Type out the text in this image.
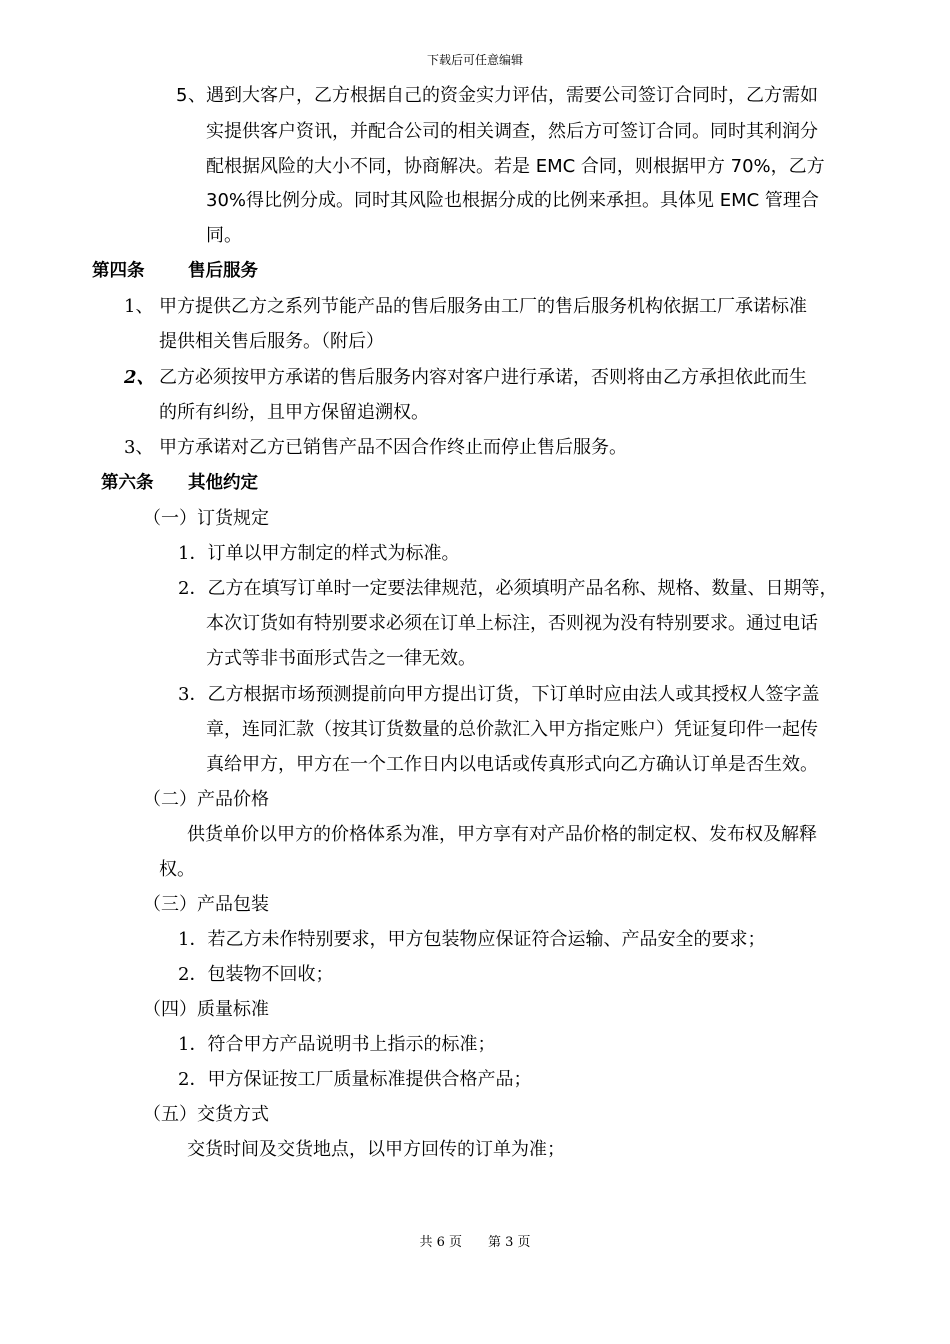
下载后可任意编辑
5 、遇到大客户，乙方根据自己的资金实力评估，需要公司签订合同时，乙方需如
实提供客户资讯，并配合公司的相关调查，然后方可签订合同。同时其利润分
配根据风险的大小不同，协商解决。若是 EMC 合同，则根据甲方 70%，乙方
30%得比例分成。同时其风险也根据分成的比例来承担。具体见 EMC 管理合
同。
第四条 售后服务
1、 甲方提供乙方之系列节能产品的售后服务由工厂的售后服务机构依据工厂承诺标准
提供相关售后服务。（附后）
2、 乙方必须按甲方承诺的售后服务内容对客户进行承诺，否则将由乙方承担依此而生
的所有纠纷，且甲方保留追溯权。
3、 甲方承诺对乙方已销售产品不因合作终止而停止售后服务。
第六条 其他约定
（一）订货规定
1．订单以甲方制定的样式为标准。
2．乙方在填写订单时一定要法律规范，必须填明产品名称、规格、数量、日期等，
本次订货如有特别要求必须在订单上标注，否则视为没有特别要求。通过电话
方式等非书面形式告之一律无效。
3．乙方根据市场预测提前向甲方提出订货，下订单时应由法人或其授权人签字盖
章，连同汇款（按其订货数量的总价款汇入甲方指定账户）凭证复印件一起传
真给甲方，甲方在一个工作日内以电话或传真形式向乙方确认订单是否生效。
（二）产品价格
供货单价以甲方的价格体系为准，甲方享有对产品价格的制定权、发布权及解释
权。
（三）产品包装
1．若乙方未作特别要求，甲方包装物应保证符合运输、产品安全的要求；
2．包装物不回收；
（四）质量标准
1．符合甲方产品说明书上指示的标准；
2．甲方保证按工厂质量标准提供合格产品；
（五）交货方式
交货时间及交货地点，以甲方回传的订单为准；
共 6 页 第 3 页
